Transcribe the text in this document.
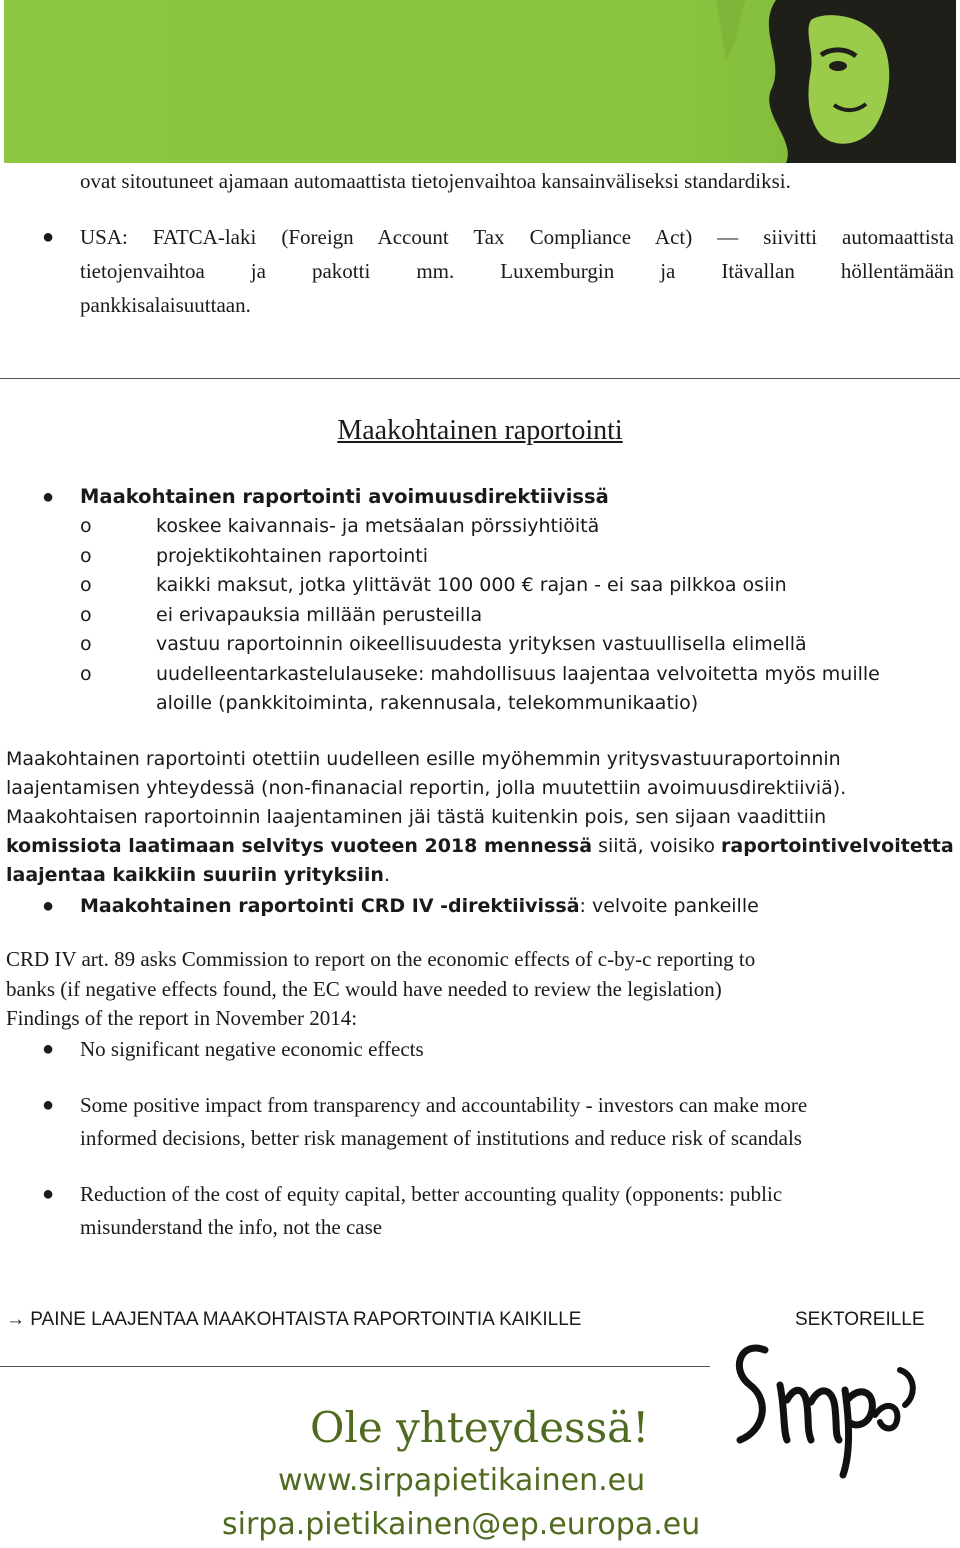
ovat sitoutuneet ajamaan automaattista tietojenvaihtoa kansainväliseksi standardiksi.
● USA: FATCA-laki (Foreign Account Tax Compliance Act) — siivitti automaattista
tietojenvaihtoa ja pakotti mm. Luxemburgin ja Itävallan höllentämään
pankkisalaisuuttaan.
Maakohtainen raportointi
● Maakohtainen raportointi avoimuusdirektiivissä
o	koskee kaivannais- ja metsäalan pörssiyhtiöitä
o	projektikohtainen raportointi
o	kaikki maksut, jotka ylittävät 100 000 € rajan - ei saa pilkkoa osiin
o	ei erivapauksia millään perusteilla
o	vastuu raportoinnin oikeellisuudesta yrityksen vastuullisella elimellä
o	uudelleentarkastelulauseke: mahdollisuus laajentaa velvoitetta myös muille
aloille (pankkitoiminta, rakennusala, telekommunikaatio)
Maakohtainen raportointi otettiin uudelleen esille myöhemmin yritysvastuuraportoinnin
laajentamisen yhteydessä (non-finanacial reportin, jolla muutettiin avoimuusdirektiiviä).
Maakohtaisen raportoinnin laajentaminen jäi tästä kuitenkin pois, sen sijaan vaadittiin
komissiota laatimaan selvitys vuoteen 2018 mennessä siitä, voisiko raportointivelvoitetta
laajentaa kaikkiin suuriin yrityksiin.
● Maakohtainen raportointi CRD IV -direktiivissä: velvoite pankeille
CRD IV art. 89 asks Commission to report on the economic effects of c-by-c reporting to
banks (if negative effects found, the EC would have needed to review the legislation)
Findings of the report in November 2014:
● No significant negative economic effects
● Some positive impact from transparency and accountability - investors can make more
informed decisions, better risk management of institutions and reduce risk of scandals
● Reduction of the cost of equity capital, better accounting quality (opponents: public
misunderstand the info, not the case
→ PAINE LAAJENTAA MAAKOHTAISTA RAPORTOINTIA KAIKILLE	SEKTOREILLE
Ole yhteydessä!
www.sirpapietikainen.eu
sirpa.pietikainen@ep.europa.eu
